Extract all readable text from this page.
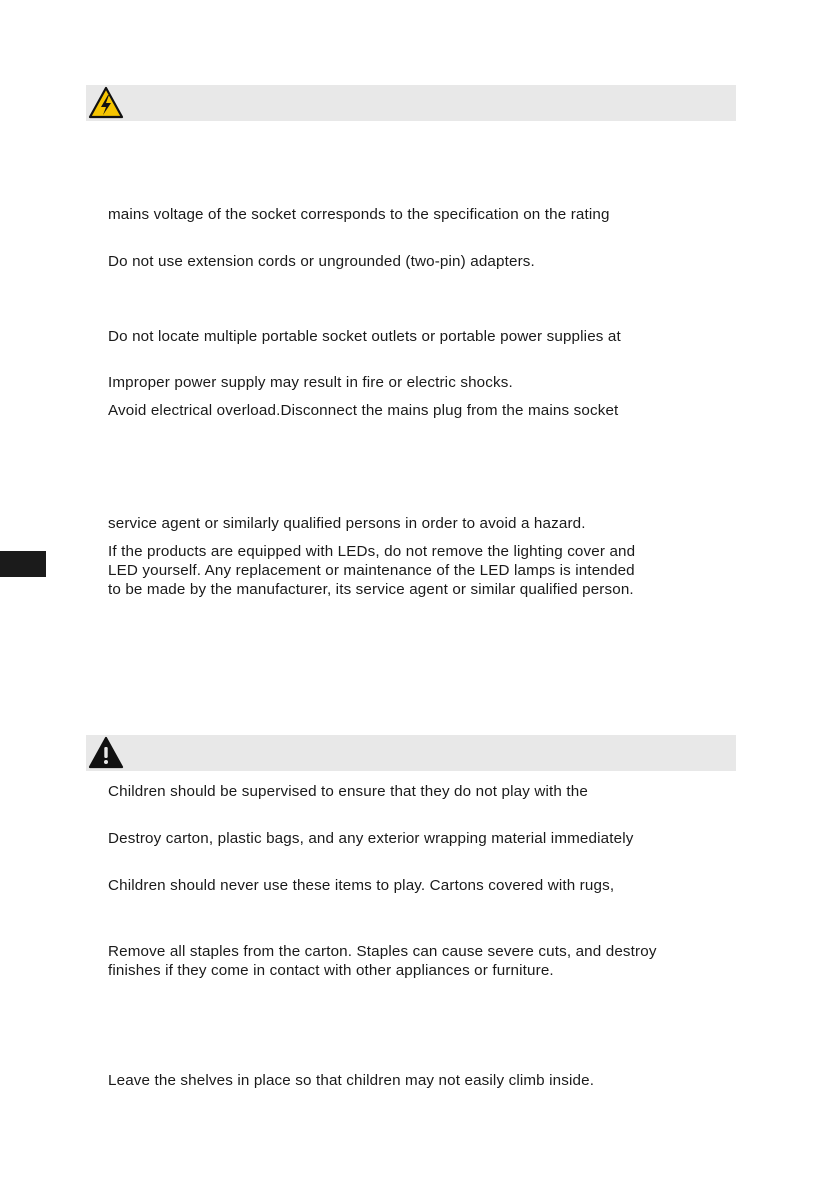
mains voltage of the socket corresponds to the specification on the rating

Do not use extension cords or ungrounded (two-pin) adapters.

Do not locate multiple portable socket outlets or portable power supplies at

Improper power supply may result in fire or electric shocks.

Avoid electrical overload.Disconnect the mains plug from the mains socket

service agent or similarly qualified persons in order to avoid a hazard.

If the products are equipped with LEDs, do not remove the lighting cover and

LED yourself. Any replacement or maintenance of the LED lamps is intended

to be made by the manufacturer, its service agent or similar qualified person.

Children should be supervised to ensure that they do not play with the

Destroy carton, plastic bags, and any exterior wrapping material immediately

Children should never use these items to play. Cartons covered with rugs,

Remove all staples from the carton. Staples can cause severe cuts, and destroy

finishes if they come in contact with other appliances or furniture.

Leave the shelves in place so that children may not easily climb inside.
